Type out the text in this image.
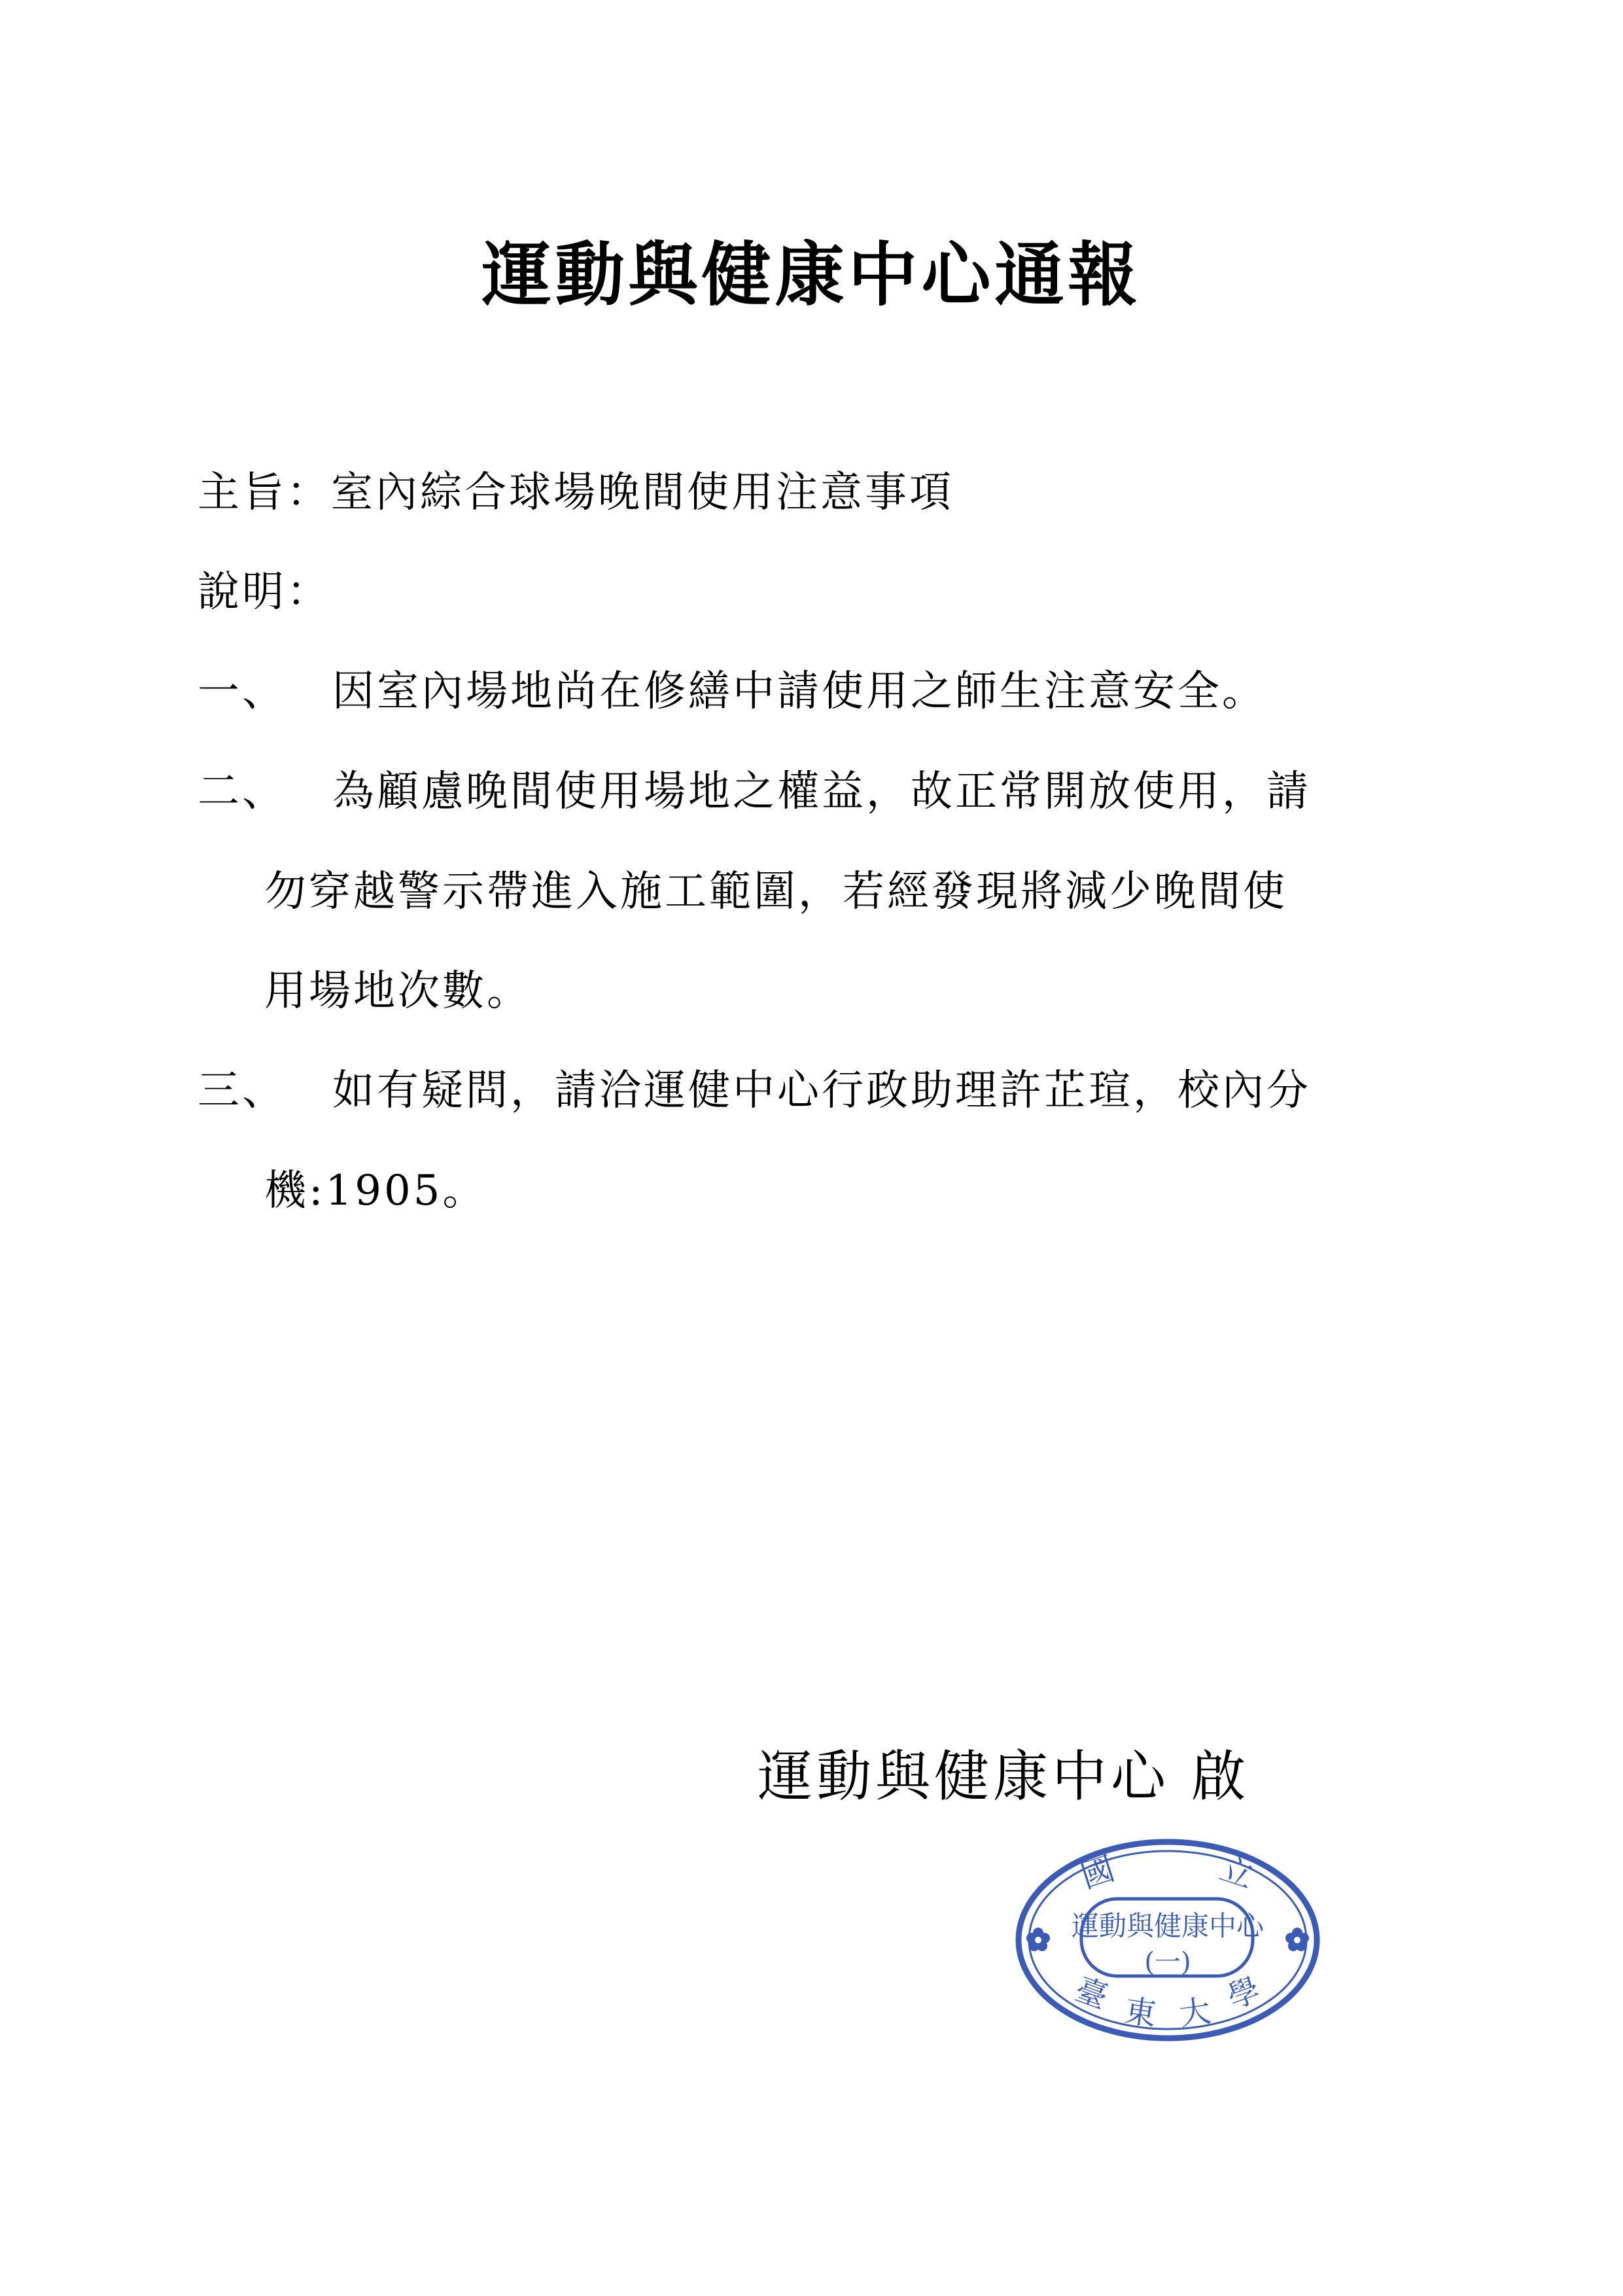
運動與健康中心通報
主旨：室內綜合球場晚間使用注意事項
說明：
一、 因室內場地尚在修繕中請使用之師生注意安全。
二、 為顧慮晚間使用場地之權益，故正常開放使用，請
勿穿越警示帶進入施工範圍，若經發現將減少晚間使
用場地次數。
三、 如有疑問，請洽運健中心行政助理許芷瑄，校內分
機:1905。
運動與健康中心 啟
國	立
運動與健康中心
(一)
臺 東 大 學
